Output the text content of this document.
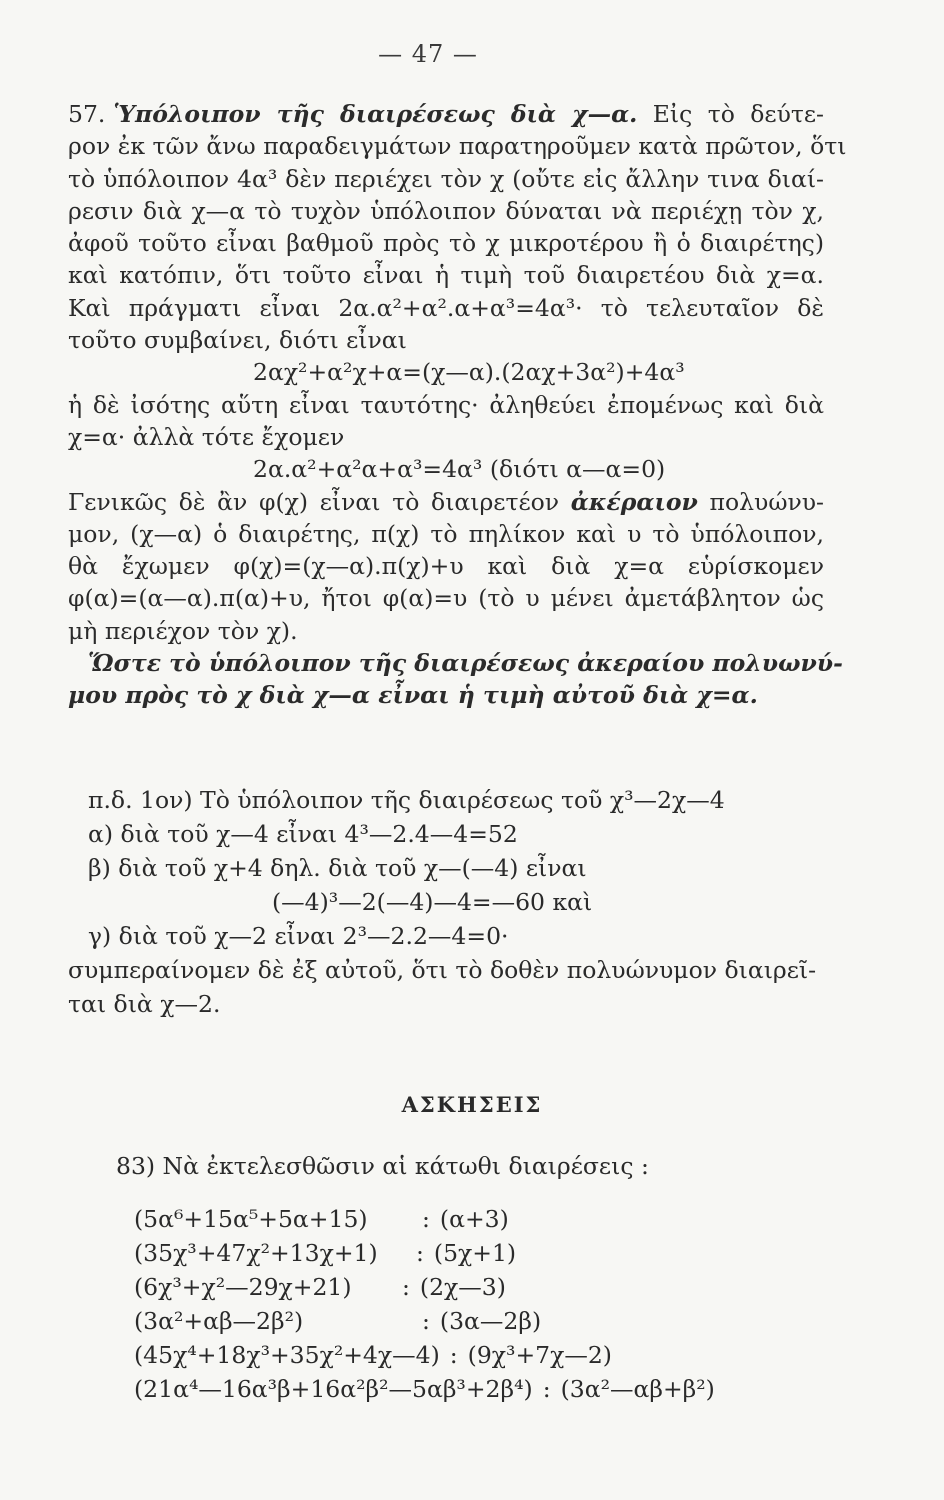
— 47 —
57. Ὑπόλοιπον τῆς διαιρέσεως διὰ χ—α. Εἰς τὸ δεύτε-
ρον ἐκ τῶν ἄνω παραδειγμάτων παρατηροῦμεν κατὰ πρῶτον, ὅτι
τὸ ὑπόλοιπον 4α³ δὲν περιέχει τὸν χ (οὔτε εἰς ἄλλην τινα διαί-
ρεσιν διὰ χ—α τὸ τυχὸν ὑπόλοιπον δύναται νὰ περιέχῃ τὸν χ,
ἀφοῦ τοῦτο εἶναι βαθμοῦ πρὸς τὸ χ μικροτέρου ἢ ὁ διαιρέτης)
καὶ κατόπιν, ὅτι τοῦτο εἶναι ἡ τιμὴ τοῦ διαιρετέου διὰ χ=α.
Καὶ πράγματι εἶναι 2α.α²+α².α+α³=4α³· τὸ τελευταῖον δὲ
τοῦτο συμβαίνει, διότι εἶναι
2αχ²+α²χ+α=(χ—α).(2αχ+3α²)+4α³
ἡ δὲ ἰσότης αὕτη εἶναι ταυτότης· ἀληθεύει ἐπομένως καὶ διὰ
χ=α· ἀλλὰ τότε ἔχομεν
2α.α²+α²α+α³=4α³ (διότι α—α=0)
Γενικῶς δὲ ἂν φ(χ) εἶναι τὸ διαιρετέον ἀκέραιον πολυώνυ-
μον, (χ—α) ὁ διαιρέτης, π(χ) τὸ πηλίκον καὶ υ τὸ ὑπόλοιπον,
θὰ ἔχωμεν φ(χ)=(χ—α).π(χ)+υ καὶ διὰ χ=α εὑρίσκομεν
φ(α)=(α—α).π(α)+υ, ἤτοι φ(α)=υ (τὸ υ μένει ἀμετάβλητον ὡς
μὴ περιέχον τὸν χ).
Ὥστε τὸ ὑπόλοιπον τῆς διαιρέσεως ἀκεραίου πολυωνύ-
μου πρὸς τὸ χ διὰ χ—α εἶναι ἡ τιμὴ αὐτοῦ διὰ χ=α.
π.δ. 1ον) Τὸ ὑπόλοιπον τῆς διαιρέσεως τοῦ χ³—2χ—4
α) διὰ τοῦ χ—4 εἶναι 4³—2.4—4=52
β) διὰ τοῦ χ+4 δηλ. διὰ τοῦ χ—(—4) εἶναι
(—4)³—2(—4)—4=—60 καὶ
γ) διὰ τοῦ χ—2 εἶναι 2³—2.2—4=0·
συμπεραίνομεν δὲ ἐξ αὐτοῦ, ὅτι τὸ δοθὲν πολυώνυμον διαιρεῖ-
ται διὰ χ—2.
ΑΣΚΗΣΕΙΣ
83) Νὰ ἐκτελεσθῶσιν αἱ κάτωθι διαιρέσεις :
(5α⁶+15α⁵+5α+15)	: (α+3)
(35χ³+47χ²+13χ+1)	: (5χ+1)
(6χ³+χ²—29χ+21)	: (2χ—3)
(3α²+αβ—2β²)	: (3α—2β)
(45χ⁴+18χ³+35χ²+4χ—4) : (9χ³+7χ—2)
(21α⁴—16α³β+16α²β²—5αβ³+2β⁴) : (3α²—αβ+β²)
